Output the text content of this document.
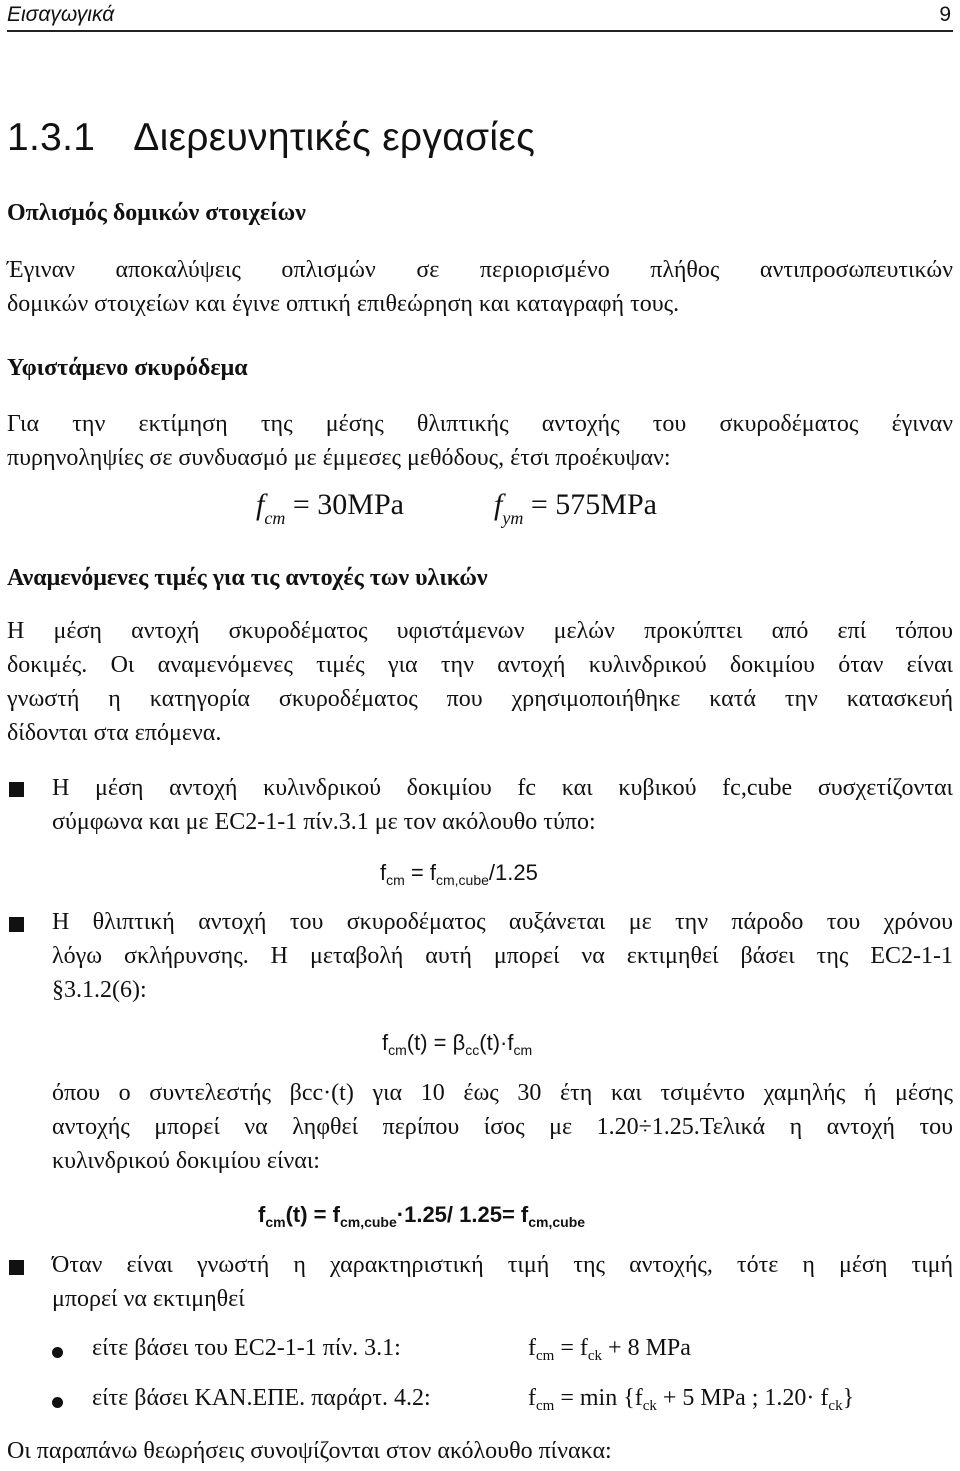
Εισαγωγικά	9
1.3.1 Διερευνητικές εργασίες
Οπλισμός δομικών στοιχείων
Έγιναν αποκαλύψεις οπλισμών σε περιορισμένο πλήθος αντιπροσωπευτικών
δομικών στοιχείων και έγινε οπτική επιθεώρηση και καταγραφή τους.
Υφιστάμενο σκυρόδεμα
Για την εκτίμηση της μέσης θλιπτικής αντοχής του σκυροδέματος έγιναν
πυρηνοληψίες σε συνδυασμό με έμμεσες μεθόδους, έτσι προέκυψαν:
$f_{cm} = 30MPa$	$f_{ym} = 575MPa$
Αναμενόμενες τιμές για τις αντοχές των υλικών
Η μέση αντοχή σκυροδέματος υφιστάμενων μελών προκύπτει από επί τόπου
δοκιμές. Οι αναμενόμενες τιμές για την αντοχή κυλινδρικού δοκιμίου όταν είναι
γνωστή η κατηγορία σκυροδέματος που χρησιμοποιήθηκε κατά την κατασκευή
δίδονται στα επόμενα.
Η μέση αντοχή κυλινδρικού δοκιμίου fc και κυβικού fc,cube συσχετίζονται
σύμφωνα και με EC2-1-1 πίν.3.1 με τον ακόλουθο τύπο:
$f_{cm} = f_{cm,cube}/1.25$
Η θλιπτική αντοχή του σκυροδέματος αυξάνεται με την πάροδο του χρόνου
λόγω σκλήρυνσης. Η μεταβολή αυτή μπορεί να εκτιμηθεί βάσει της EC2-1-1
§3.1.2(6):
$f_{cm}(t) = \beta_{cc}(t)\cdot f_{cm}$
όπου ο συντελεστής βcc·(t) για 10 έως 30 έτη και τσιμέντο χαμηλής ή μέσης
αντοχής μπορεί να ληφθεί περίπου ίσος με 1.20÷1.25.Τελικά η αντοχή του
κυλινδρικού δοκιμίου είναι:
$f_{cm}(t) = f_{cm,cube}\cdot 1.25/$ $1.25= f_{cm,cube}$
Όταν είναι γνωστή η χαρακτηριστική τιμή της αντοχής, τότε η μέση τιμή
μπορεί να εκτιμηθεί
είτε βάσει του EC2-1-1 πίν. 3.1:	$f_{cm} = f_{ck} + 8$ MPa
είτε βάσει ΚΑΝ.ΕΠΕ. παράρτ. 4.2:	$f_{cm} = \min \{f_{ck} + 5$ MPa ; $1.20\cdot f_{ck}$}
Οι παραπάνω θεωρήσεις συνοψίζονται στον ακόλουθο πίνακα:
